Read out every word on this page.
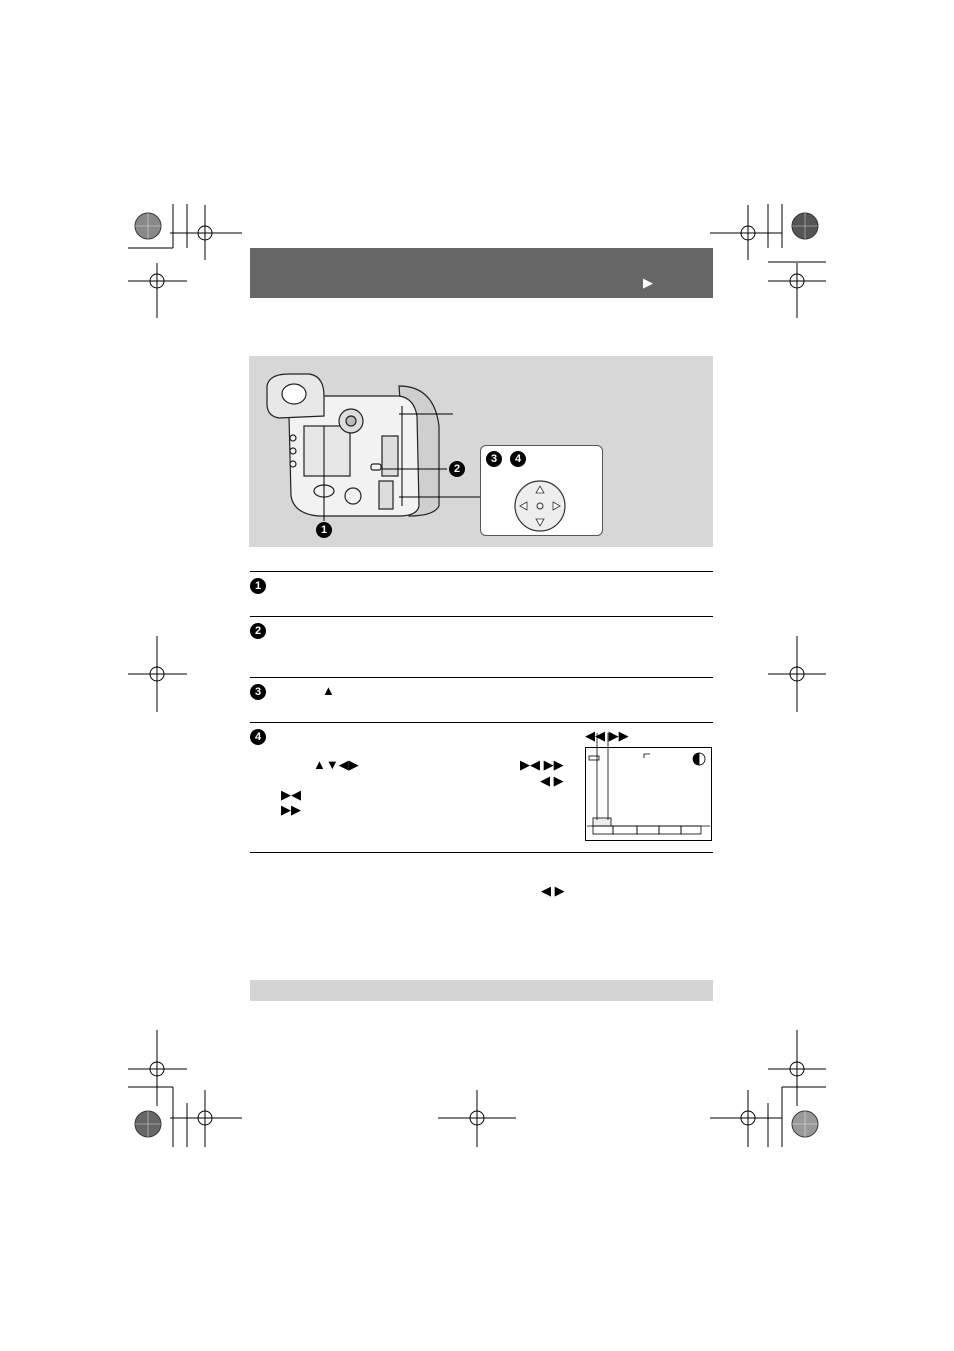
▶
2
1
3	4
1
2
3	▲
4
▲▼◀▶
▶◀
▶▶
▶◀ ▶▶
◀ ▶
◀◀ ▶▶
◀ ▶
